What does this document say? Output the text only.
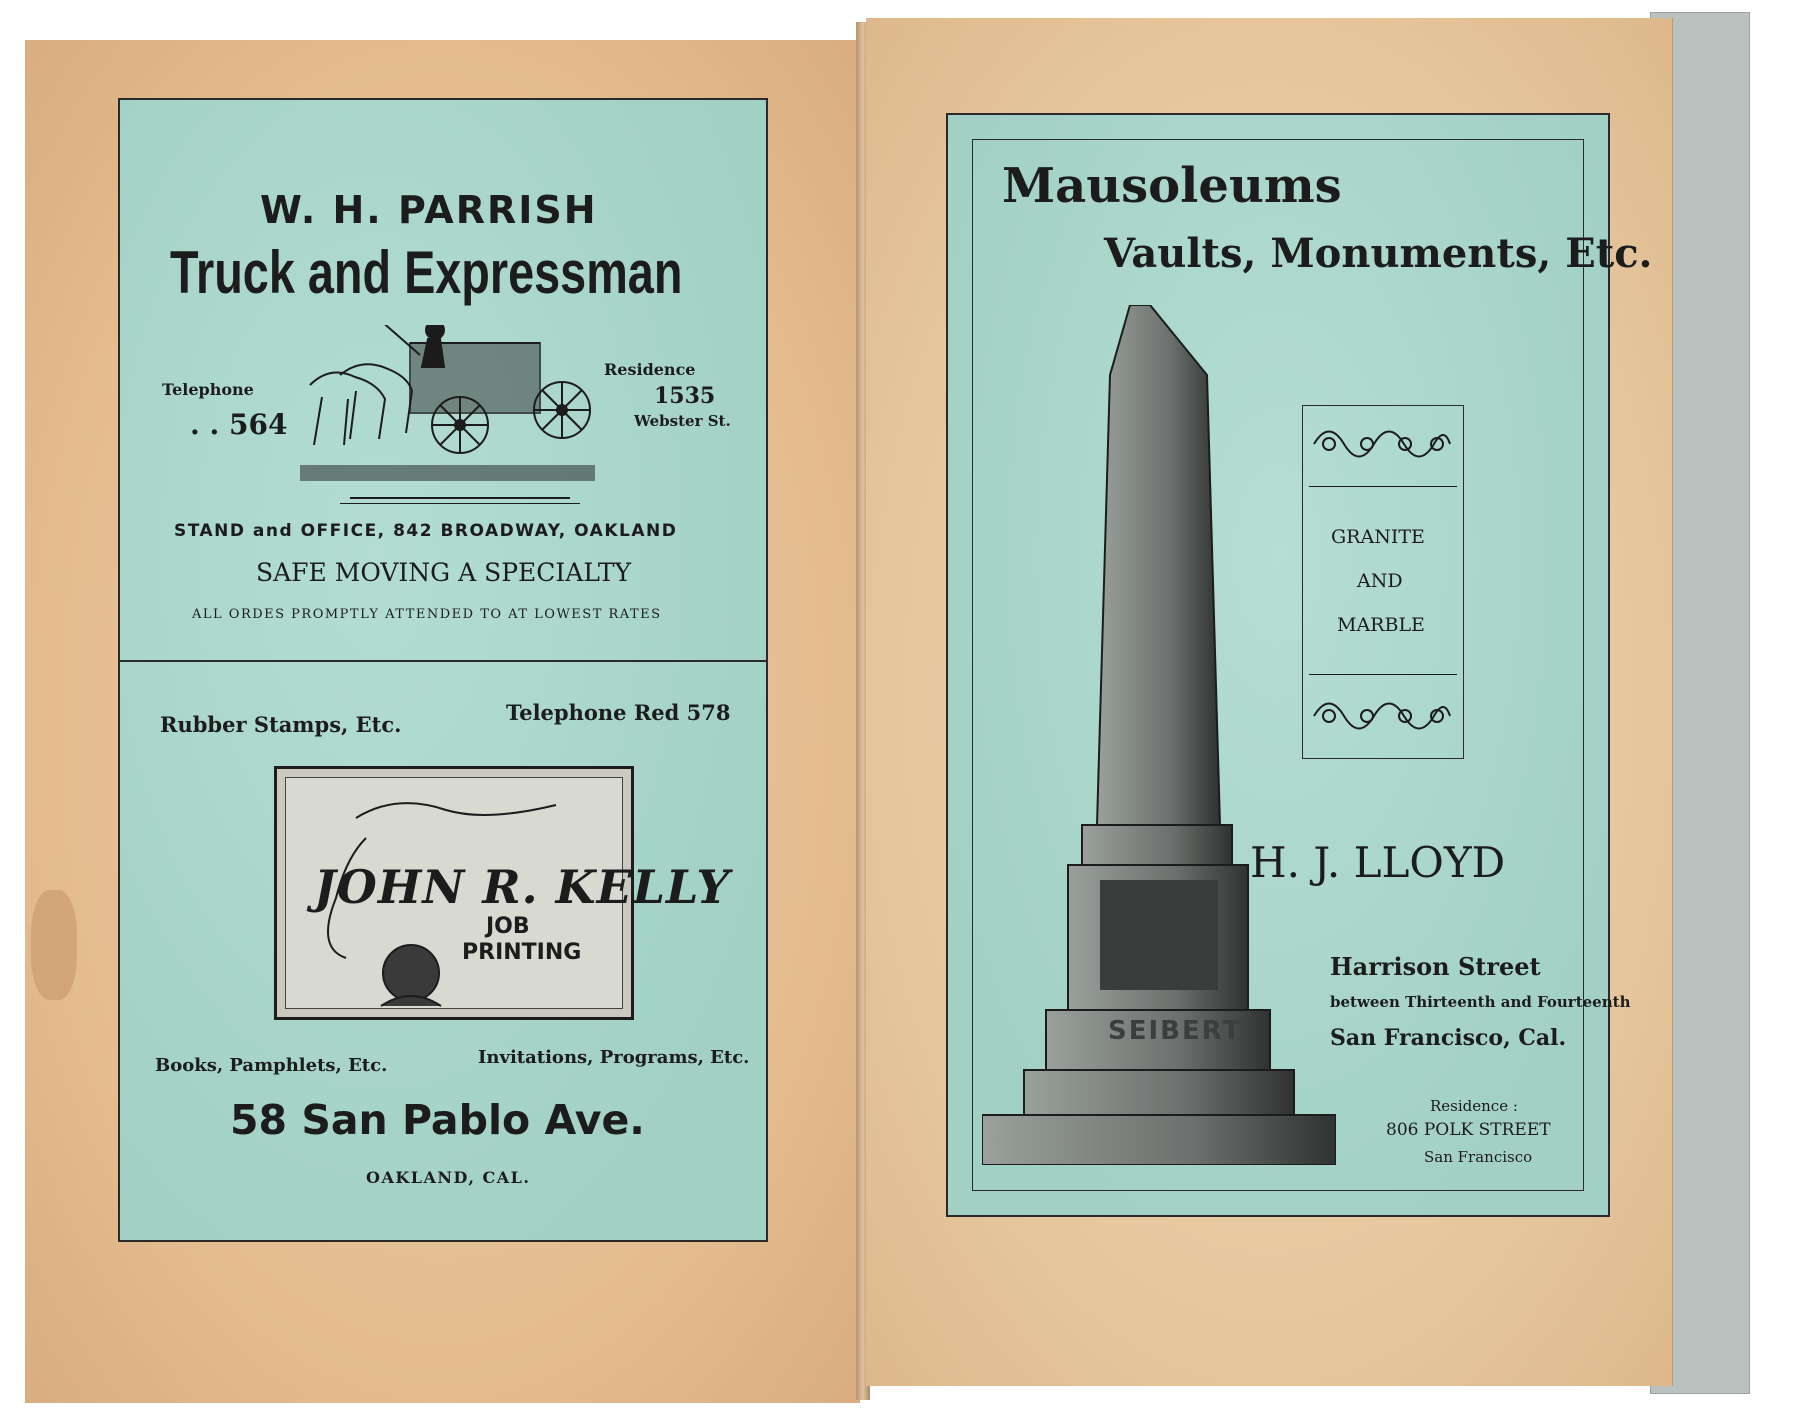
W. H. PARRISH
Truck and Expressman
Telephone
. . 564
Residence
1535
Webster St.
STAND and OFFICE, 842 BROADWAY, OAKLAND
SAFE MOVING A SPECIALTY
ALL ORDES PROMPTLY ATTENDED TO AT LOWEST RATES
Rubber Stamps, Etc.	Telephone Red 578
JOHN R. KELLY
JOB
PRINTING
Books, Pamphlets, Etc.	Invitations, Programs, Etc.
58 San Pablo Ave.
OAKLAND, CAL.
Mausoleums
Vaults, Monuments, Etc.
SEIBERT
GRANITE
AND
MARBLE
H. J. LLOYD
Harrison Street
between Thirteenth and Fourteenth
San Francisco, Cal.
Residence :
806 POLK STREET
San Francisco
